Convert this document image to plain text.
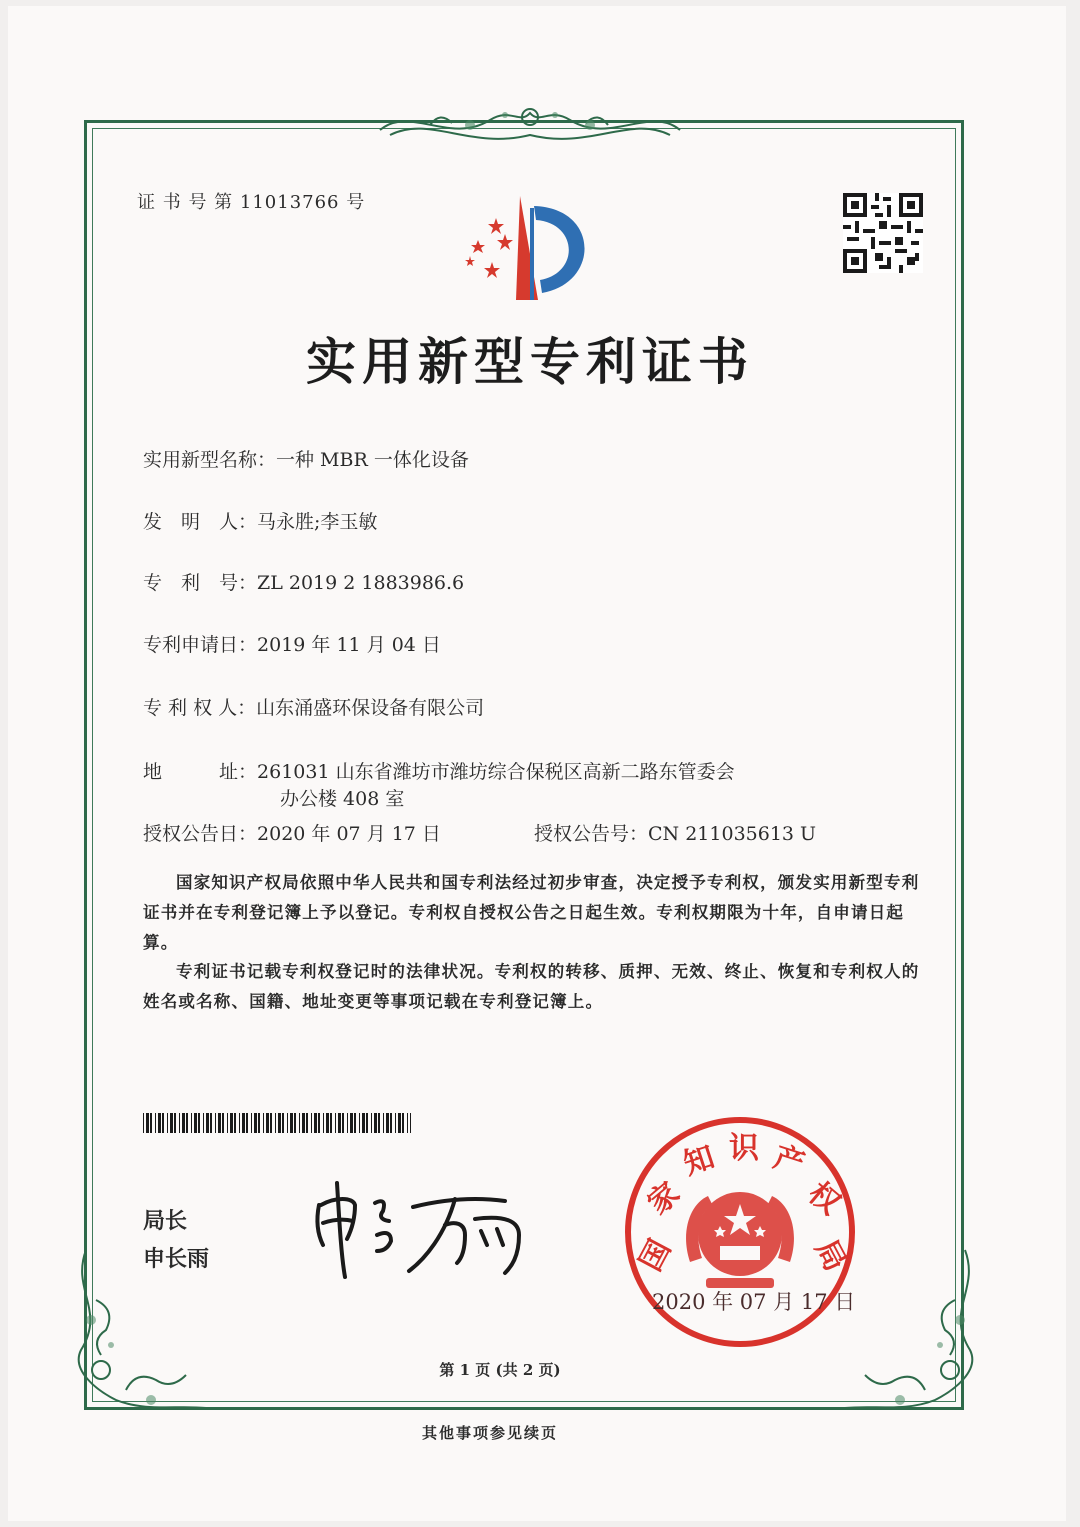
证 书 号 第 11013766 号
实用新型专利证书
实用新型名称：一种 MBR 一体化设备
发　明　人：马永胜;李玉敏
专　利　号：ZL 2019 2 1883986.6
专利申请日：2019 年 11 月 04 日
专 利 权 人：山东涌盛环保设备有限公司
地　　　址：261031 山东省潍坊市潍坊综合保税区高新二路东管委会
办公楼 408 室
授权公告日：2020 年 07 月 17 日	授权公告号：CN 211035613 U
国家知识产权局依照中华人民共和国专利法经过初步审查，决定授予专利权，颁发实用新型专利证书并在专利登记簿上予以登记。专利权自授权公告之日起生效。专利权期限为十年，自申请日起算。
专利证书记载专利权登记时的法律状况。专利权的转移、质押、无效、终止、恢复和专利权人的姓名或名称、国籍、地址变更等事项记载在专利登记簿上。
局长
申长雨	国
家
知 识 产
权
局
2020 年 07 月 17 日
第 1 页 (共 2 页)
其他事项参见续页
